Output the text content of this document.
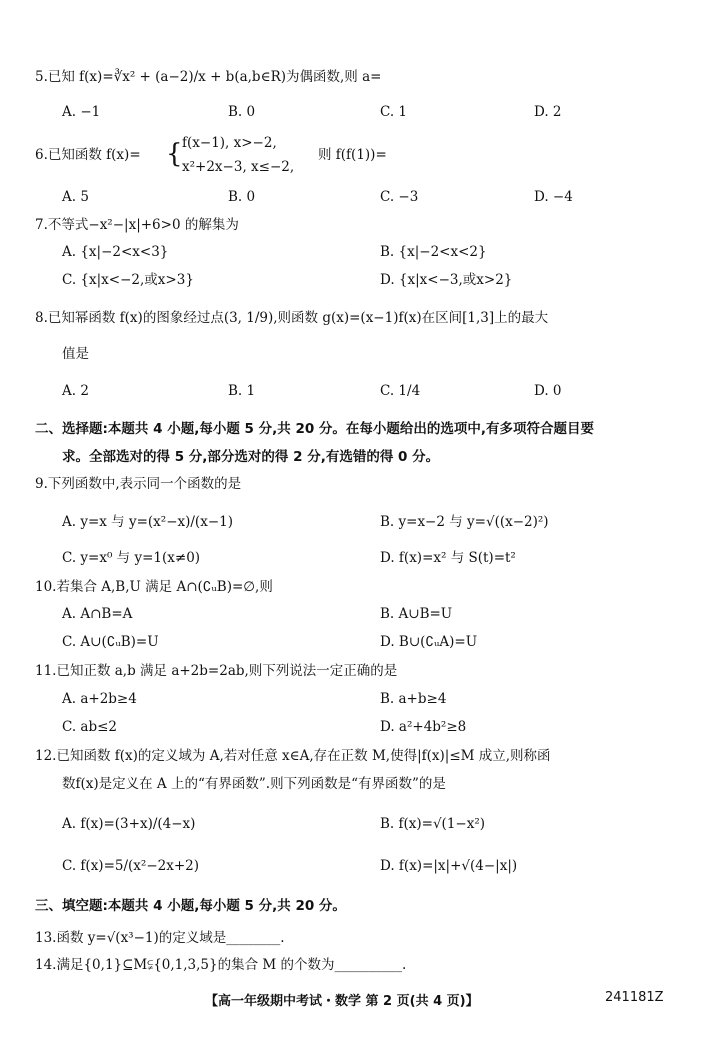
5.已知 f(x)=∛x² + (a−2)/x + b(a,b∈R)为偶函数,则 a=
A. −1	B. 0	C. 1	D. 2
6.已知函数 f(x)= { f(x−1), x>−2,
x²+2x−3, x≤−2,
则 f(f(1))=
A. 5	B. 0	C. −3	D. −4
7.不等式−x²−|x|+6>0 的解集为
A. {x|−2<x<3}	B. {x|−2<x<2}
C. {x|x<−2,或x>3}	D. {x|x<−3,或x>2}
8.已知幂函数 f(x)的图象经过点(3, 1/9),则函数 g(x)=(x−1)f(x)在区间[1,3]上的最大
值是
A. 2	B. 1	C. 1/4	D. 0
二、选择题:本题共 4 小题,每小题 5 分,共 20 分。在每小题给出的选项中,有多项符合题目要
求。全部选对的得 5 分,部分选对的得 2 分,有选错的得 0 分。
9.下列函数中,表示同一个函数的是
A. y=x 与 y=(x²−x)/(x−1)	B. y=x−2 与 y=√((x−2)²)
C. y=x⁰ 与 y=1(x≠0)	D. f(x)=x² 与 S(t)=t²
10.若集合 A,B,U 满足 A∩(∁ᵤB)=∅,则
A. A∩B=A	B. A∪B=U
C. A∪(∁ᵤB)=U	D. B∪(∁ᵤA)=U
11.已知正数 a,b 满足 a+2b=2ab,则下列说法一定正确的是
A. a+2b≥4	B. a+b≥4
C. ab≤2	D. a²+4b²≥8
12.已知函数 f(x)的定义域为 A,若对任意 x∈A,存在正数 M,使得|f(x)|≤M 成立,则称函
数f(x)是定义在 A 上的“有界函数”.则下列函数是“有界函数”的是
A. f(x)=(3+x)/(4−x)	B. f(x)=√(1−x²)
C. f(x)=5/(x²−2x+2)	D. f(x)=|x|+√(4−|x|)
三、填空题:本题共 4 小题,每小题 5 分,共 20 分。
13.函数 y=√(x³−1)的定义域是________.
14.满足{0,1}⊆M⫋{0,1,3,5}的集合 M 的个数为__________.
【高一年级期中考试・数学 第 2 页(共 4 页)】	241181Z
